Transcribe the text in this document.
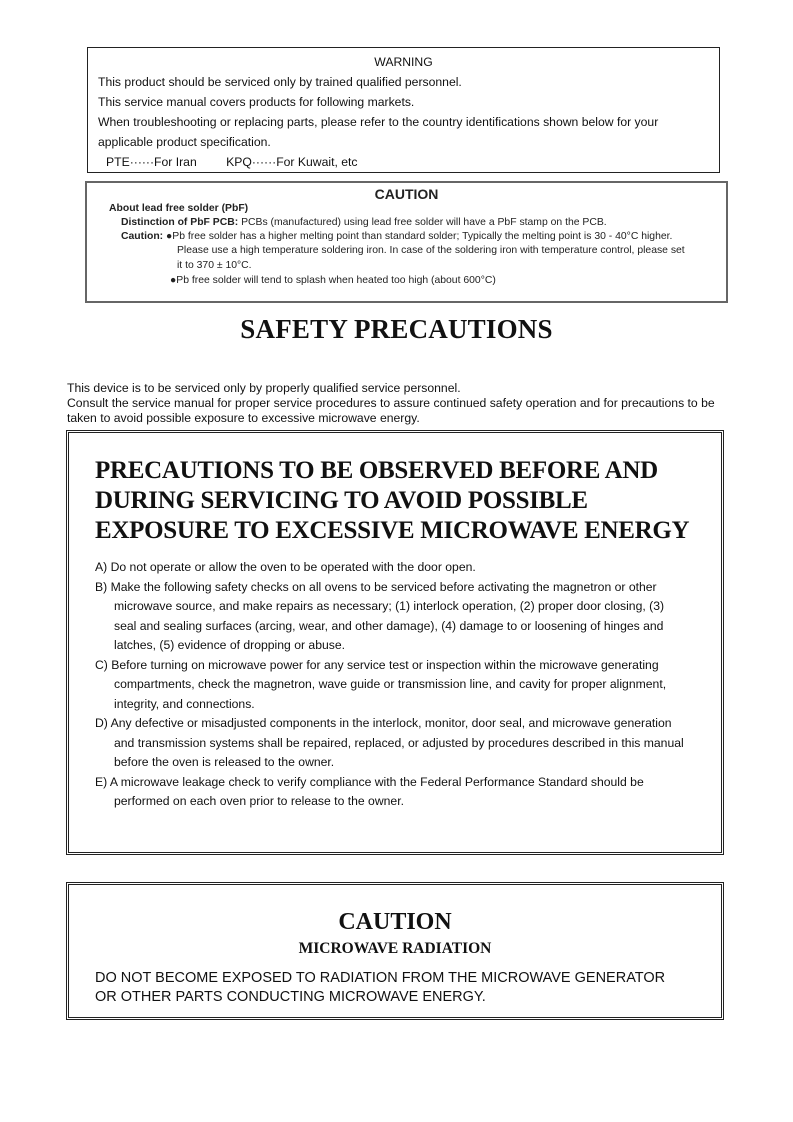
WARNING
This product should be serviced only by trained qualified personnel.
This service manual covers products for following markets.
When troubleshooting or replacing parts, please refer to the country identifications shown below for your
applicable product specification.
PTE······For Iran KPQ······For Kuwait, etc
CAUTION
About lead free solder (PbF)
Distinction of PbF PCB: PCBs (manufactured) using lead free solder will have a PbF stamp on the PCB.
Caution: ●Pb free solder has a higher melting point than standard solder; Typically the melting point is 30 - 40°C higher.
Please use a high temperature soldering iron. In case of the soldering iron with temperature control, please set
it to 370 ± 10°C.
●Pb free solder will tend to splash when heated too high (about 600°C)
SAFETY PRECAUTIONS
This device is to be serviced only by properly qualified service personnel.
Consult the service manual for proper service procedures to assure continued safety operation and for precautions to be
taken to avoid possible exposure to excessive microwave energy.
PRECAUTIONS TO BE OBSERVED BEFORE AND
DURING SERVICING TO AVOID POSSIBLE
EXPOSURE TO EXCESSIVE MICROWAVE ENERGY
A) Do not operate or allow the oven to be operated with the door open.
B) Make the following safety checks on all ovens to be serviced before activating the magnetron or other
microwave source, and make repairs as necessary; (1) interlock operation, (2) proper door closing, (3)
seal and sealing surfaces (arcing, wear, and other damage), (4) damage to or loosening of hinges and
latches, (5) evidence of dropping or abuse.
C) Before turning on microwave power for any service test or inspection within the microwave generating
compartments, check the magnetron, wave guide or transmission line, and cavity for proper alignment,
integrity, and connections.
D) Any defective or misadjusted components in the interlock, monitor, door seal, and microwave generation
and transmission systems shall be repaired, replaced, or adjusted by procedures described in this manual
before the oven is released to the owner.
E) A microwave leakage check to verify compliance with the Federal Performance Standard should be
performed on each oven prior to release to the owner.
CAUTION
MICROWAVE RADIATION
DO NOT BECOME EXPOSED TO RADIATION FROM THE MICROWAVE GENERATOR
OR OTHER PARTS CONDUCTING MICROWAVE ENERGY.
